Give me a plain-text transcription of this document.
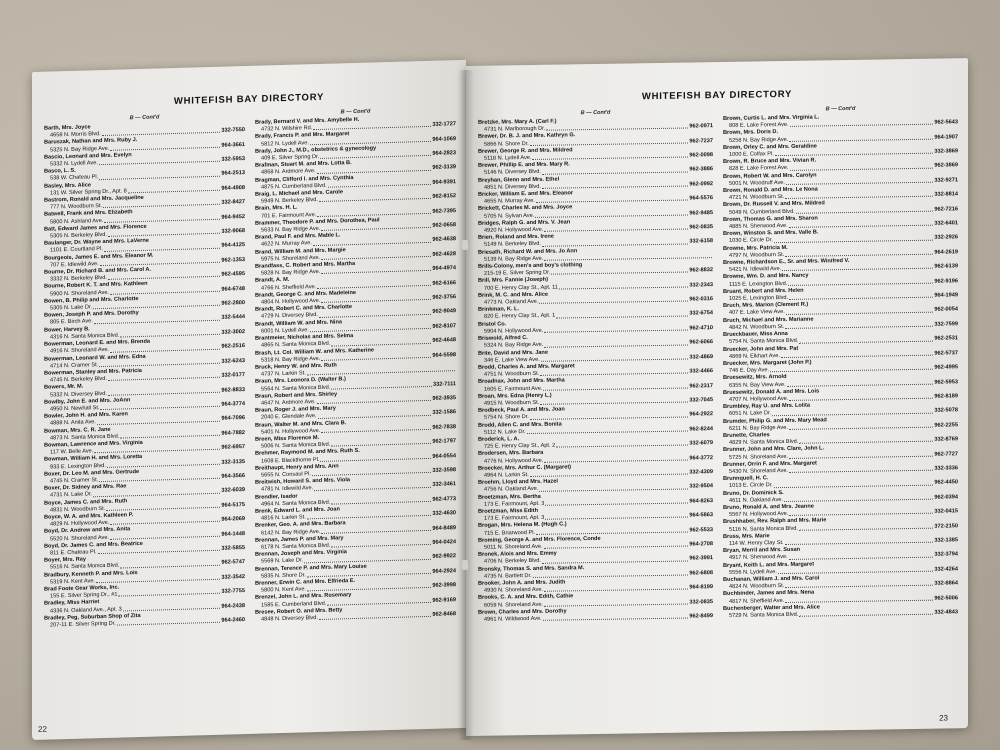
WHITEFISH BAY DIRECTORY
B — Cont'd
Barth, Mrs. Joyce
4658 N. Morris Blvd.
332-7550
Baruszak, Nathan and Mrs. Ruby J.
5325 N. Bay Ridge Ave.
964-3661
Bascio, Leonard and Mrs. Evelyn
5332 N. Lydell Ave.
332-5953
Basco, L. S.
538 W. Chateau Pl.
964-2513
Basley, Mrs. Alice
131 W. Silver Spring Dr., Apt. 8	964-4908
Bastrom, Ronald and Mrs. Jacqueline
777 N. Woodburn St.
332-8427
Batwell, Frank and Mrs. Elizabeth
5800 N. Ashland Ave.
964-9452
Batt, Edward James and Mrs. Florence
5305 N. Berkeley Blvd.
332-9068
Baulanger, Dr. Wayne and Mrs. LaVerne
1101 E. Courtland Pl.
964-4125
Bourgeois, James E. and Mrs. Eleanor M.
707 E. Idlewild Ave.
962-1353
Bourne, Dr. Richard B. and Mrs. Carol A.
3332 N. Berkeley Blvd.
962-4595
Bourne, Robert K. T. and Mrs. Kathleen
5900 N. Shoreland Ave.
964-6748
Bowen, B. Philip and Mrs. Charlotte
5305 N. Lake Dr.
962-2800
Bowen, Joseph P. and Mrs. Dorothy
805 E. Birch Ave.
332-5444
Bower, Harvey B.
4316 N. Santa Monica Blvd.
332-3002
Bowerman, Leonard E. and Mrs. Brenda
4916 N. Shoreland Ave.
962-2516
Bowerman, Leonard W. and Mrs. Edna
4714 N. Cramer St.
332-6243
Bowerman, Stanley and Mrs. Patricia
4745 N. Berkeley Blvd.
332-0177
Bowers, Mr. M.
5332 N. Diversey Blvd.
962-8833
Bowlby, John E. and Mrs. JoAnn
4950 N. Newhall St.
964-3774
Bowler, John H. and Mrs. Karen
4888 N. Anita Ave.
964-7096
Bowman, Mrs. C. R. Jane
4873 N. Santa Monica Blvd.
964-7882
Bowman, Lawrence and Mrs. Virginia
117 W. Belle Ave.
962-6957
Bowman, William H. and Mrs. Loretta
933 E. Lexington Blvd.
332-3135
Boxer, Dr. Leo M. and Mrs. Gertrude
4745 N. Cramer St.
964-3566
Boxer, Dr. Sidney and Mrs. Rae
4731 N. Lake Dr.
332-6039
Boyce, James C. and Mrs. Ruth
4831 N. Woodburn St.
964-5175
Boyce, W. A. and Mrs. Kathleen P.
4829 N. Hollywood Ave.
964-2069
Boyd, Dr. Andrew and Mrs. Anita
5520 N. Shoreland Ave.
964-1448
Boyd, Dr. James C. and Mrs. Beatrice
811 E. Chateau Pl.
332-5855
Boyer, Mrs. Ray
5516 N. Santa Monica Blvd.
962-5747
Bradbury, Kenneth P. and Mrs. Lois
5319 N. Kent Ave.
332-3542
Brad Foote Gear Works, Inc.
155 E. Silver Spring Dr., #1
332-7755
Bradley, Miss Harriet
4336 N. Oakland Ave., Apt. 3
964-2438
Bradley, Peg, Suburban Shop of Zita
207-11 E. Silver Spring Dr.
964-2460
B — Cont'd
Brady, Bernard V. and Mrs. Amybelle H.
4732 N. Wilshire Rd.
332-1727
Brady, Francis P. and Mrs. Margaret
5812 N. Lydell Ave.
964-1069
Brady, John J., M.D., obstetrics & gynecology
409 E. Silver Spring Dr.
964-2823
Brafman, Stuart M. and Mrs. Lotta B.
4868 N. Ardmore Ave.
962-3139
Bragman, Clifford I. and Mrs. Cynthia
4875 N. Cumberland Blvd.
964-9391
Braig, L. Michael and Mrs. Carole
5949 N. Berkeley Blvd.
962-8152
Brain, Mrs. H. L.
701 E. Fairmount Ave.
962-7395
Brammer, Theodore P. and Mrs. Dorothea, Paul
5633 N. Bay Ridge Ave.
962-0658
Brand, Paul F. and Mrs. Mable L.
4622 N. Murray Ave.
962-4638
Brand, William M. and Mrs. Margie
5975 N. Shoreland Ave.
962-4628
Brandfass, C. Robert and Mrs. Martha
5828 N. Bay Ridge Ave.
964-4974
Brandt, A. M.
4766 N. Sheffield Ave.
962-6166
Brandt, George C. and Mrs. Madeleine
4804 N. Hollywood Ave.
962-3756
Brandt, Robert C. and Mrs. Charlotte
4729 N. Diversey Blvd.
962-9049
Brandt, William W. and Mrs. Nina
6001 N. Lydell Ave.
962-8107
Brantmeier, Nicholas and Mrs. Selma
4865 N. Santa Monica Blvd.
962-4648
Brash, Lt. Col. William W. and Mrs. Katherine
5318 N. Bay Ridge Ave.
964-5598
Bruck, Henry W. and Mrs. Ruth
4737 N. Larkin St.
Braun, Mrs. Leonora D. (Walter B.)
5564 N. Santa Monica Blvd.
332-7111
Braun, Robert and Mrs. Shirley
4647 N. Ardmore Ave.
962-3935
Braun, Roger J. and Mrs. Mary
2040 E. Glendale Ave.
332-1586
Braun, Walter M. and Mrs. Clara B.
5401 N. Hollywood Ave.
962-7838
Breen, Miss Florence M.
5006 N. Santa Monica Blvd.
962-1797
Brehmer, Raymond M. and Mrs. Ruth S.
1608 E. Blackthorne Pl.
964-0554
Breithaupt, Henry and Mrs. Ann
5655 N. Consaul Pl.
332-3598
Breitwish, Howard S. and Mrs. Viola
4781 N. Idlewild Ave.
332-3461
Brendler, Isador
4964 N. Santa Monica Blvd.
962-4773
Brenk, Edward L. and Mrs. Joan
4816 N. Larkin St.
332-4630
Brenker, Geo. A. and Mrs. Barbara
6142 N. Bay Ridge Ave.
964-8489
Brennan, James P. and Mrs. Mary
6178 N. Santa Monica Blvd.
964-0424
Brennan, Joseph and Mrs. Virginia
5569 N. Lake Dr.
962-9922
Brennan, Terence P. and Mrs. Mary Louise
5835 N. Shore Dr.
964-2924
Brenner, Erwin C. and Mrs. Elfrieda E.
5800 N. Kent Ave.
962-3998
Brenzel, John L. and Mrs. Rosemary
1585 E. Cumberland Blvd.
962-9169
Bresee, Robert O. and Mrs. Betty
4848 N. Diversey Blvd.
962-8468
22
WHITEFISH BAY DIRECTORY
B — Cont'd
Bretzke, Mrs. Mary A. (Carl F.)
4731 N. Marlborough Dr.	962-0971
Brewer, Dr. B. J. and Mrs. Kathryn G.
5866 N. Shore Dr.	962-7237
Brewer, George R. and Mrs. Mildred
5118 N. Lydell Ave.	962-0098
Brewer, Phillip E. and Mrs. Mary R.
5146 N. Diversey Blvd.	962-3886
Breyhan, Glenn and Mrs. Ethel
4851 N. Diversey Blvd.	962-0992
Bricker, William E. and Mrs. Eleanor
4655 N. Murray Ave.	964-5576
Brickett, Charles M. and Mrs. Joyce
5705 N. Sylvan Ave.	962-9485
Bridges, Ralph G. and Mrs. V. Jean
4920 N. Hollywood Ave.	962-0835
Brien, Roland and Mrs. Irene
5149 N. Berkeley Blvd.	332-6158
Briesath, Richard W. and Mrs. Jo Ann
5139 N. Bay Ridge Ave.
Brills-Colony, men's and boy's clothing
215-19 E. Silver Spring Dr.	962-8832
Brill, Mrs. Fannie (Joseph)
700 E. Henry Clay St., Apt. 11	332-2343
Brink, M. C. and Mrs. Alice
4773 N. Oakland Ave.	962-0316
Brinkman, K. L.
820 E. Henry Clay St., Apt. 1	332-6754
Bristol Co.
5904 N. Hollywood Ave.	962-4710
Briswold, Alfred C.
5324 N. Bay Ridge Ave.	962-6066
Brite, David and Mrs. Jane
346 E. Lake View Ave.	332-4869
Brodd, Charles A. and Mrs. Margaret
4751 N. Woodburn St.	332-4466
Broadnax, John and Mrs. Martha
1605 E. Fairmount Ave.	962-2317
Broan, Mrs. Edna (Henry L.)
4915 N. Woodburn St.	332-7045
Brodbeck, Paul A. and Mrs. Joan
5754 N. Shore Dr.	964-2922
Brodd, Allen C. and Mrs. Bonita
5112 N. Lake Dr.	962-8244
Broderick, L. A.
725 E. Henry Clay St., Apt. 2	332-6079
Brodersen, Mrs. Barbara
4776 N. Hollywood Ave.	964-3772
Broecker, Mrs. Arthur C. (Margaret)
4964 N. Larkin St.	332-4309
Broehm, Lloyd and Mrs. Hazel
4756 N. Oakland Ave.	332-9504
Broetzman, Mrs. Bertha
173 E. Fairmount, Apt. 3	964-8263
Broetzman, Miss Edith
173 E. Fairmount, Apt. 3	964-5863
Brogan, Mrs. Helena M. (Hugh C.)
715 E. Briarwood Pl.	962-5533
Broming, George A. and Mrs. Florence, Conde
5011 N. Shoreland Ave.	964-2708
Bronek, Alois and Mrs. Emmy
4706 N. Berkeley Blvd.	962-3991
Bronsky, Thomas S. and Mrs. Sandra M.
4735 N. Bartlett Dr.	962-6808
Brooker, John A. and Mrs. Judith
4930 N. Shoreland Ave.	964-8199
Brooks, C. A. and Mrs. Edith, Cathie
6059 N. Shoreland Ave.	332-0835
Brown, Charles and Mrs. Dorothy
4961 N. Wildwood Ave.	962-8499
B — Cont'd
Brown, Curtis L. and Mrs. Virginia L.
808 E. Lake Forest Ave.	962-5643
Brown, Mrs. Doris D.
5258 N. Bay Ridge Ave.	964-1907
Brown, Orley C. and Mrs. Geraldine
1000 E. Colfax Pl.	332-3869
Brown, R. Bruce and Mrs. Vivian R.
828 E. Lake Forest Ave.	962-3869
Brown, Robert W. and Mrs. Carolyn
5001 N. Woodruff Ave.	332-9271
Brown, Ronald D. and Mrs. Le Nona
4721 N. Woodburn St.	332-8814
Brown, Dr. Russell V. and Mrs. Mildred
5049 N. Cumberland Blvd.	962-7216
Brown, Thomas G. and Mrs. Sharon
4885 N. Sherwood Ave.	332-6401
Brown, Winston S. and Mrs. Valle B.
1030 E. Circle Dr.	332-2926
Browne, Mrs. Patricia M.
4797 N. Woodburn St.	964-2619
Browne, Richardson E., Sr. and Mrs. Winifred V.
5421 N. Idlewild Ave.	962-6139
Browne, Wm. D. and Mrs. Nancy
1115 E. Lexington Blvd.	962-9196
Bruant, Robert and Mrs. Helen
1025 E. Lexington Blvd.	964-1949
Bruch, Mrs. Marion (Clement R.)
407 E. Lake View Ave.	962-0054
Bruch, Michael and Mrs. Marianne
4842 N. Woodburn St.	332-7599
Brueckbauer, Miss Anna
5754 N. Santa Monica Blvd.	962-2531
Bruecker, John and Mrs. Pat
4869 N. Elkhart Ave.	962-5737
Bruecker, Mrs. Margaret (John P.)
746 E. Day Ave.	962-4995
Bruesewitz, Mrs. Arnold
6355 N. Bay View Ave.	962-5953
Bruesewitz, Donald A. and Mrs. Lois
4707 N. Hollywood Ave.	962-8189
Brumbley, Ray U. and Mrs. Lolita
6051 N. Lake Dr.	332-5078
Brumder, Philip G. and Mrs. Mary Mead
6211 N. Bay Ridge Ave.	962-2255
Brunette, Charles
4829 N. Santa Monica Blvd.	332-8769
Brunner, John and Mrs. Clare, John L.
5725 N. Shoreland Ave.	962-7727
Brunner, Orrin F. and Mrs. Margaret
5430 N. Shoreland Ave.	332-3336
Brunnquell, H. C.
1013 E. Circle Dr.	962-4450
Bruno, Dr. Dominick S.
4611 N. Oakland Ave.	962-0394
Bruno, Ronald A. and Mrs. Jeanne
5567 N. Hollywood Ave.	332-0415
Brushhaber, Rev. Ralph and Mrs. Marie
5116 N. Santa Monica Blvd.	372-2150
Bruss, Mrs. Marie
114 W. Henry Clay St.	332-1385
Bryan, Merril and Mrs. Susan
4917 N. Sherwood Ave.	332-3794
Bryant, Keith L. and Mrs. Margaret
5556 N. Lydell Ave.	332-4264
Buchanan, William J. and Mrs. Carol
4824 N. Woodburn St.	332-8864
Buchbinder, James and Mrs. Nena
4817 N. Sheffield Ave.	962-5006
Buchenberger, Walter and Mrs. Alice
5729 N. Santa Monica Blvd.	332-4843
23
